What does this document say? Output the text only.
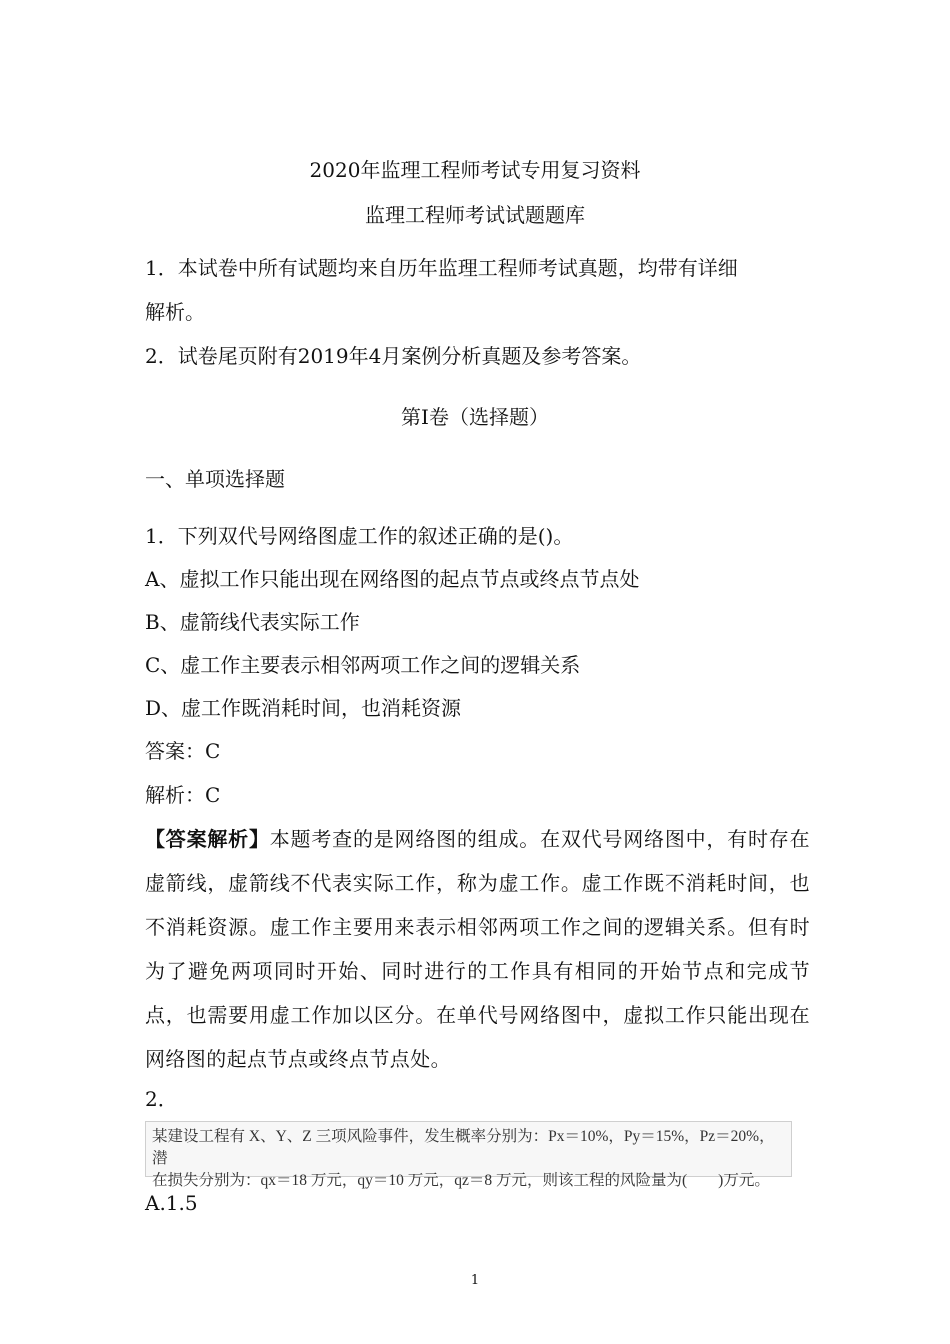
2020年监理工程师考试专用复习资料
监理工程师考试试题题库
1．本试卷中所有试题均来自历年监理工程师考试真题，均带有详细
解析。
2．试卷尾页附有2019年4月案例分析真题及参考答案。
第Ⅰ卷（选择题）
一、单项选择题
1．下列双代号网络图虚工作的叙述正确的是()。
A、虚拟工作只能出现在网络图的起点节点或终点节点处
B、虚箭线代表实际工作
C、虚工作主要表示相邻两项工作之间的逻辑关系
D、虚工作既消耗时间，也消耗资源
答案：C
解析：C
【答案解析】本题考查的是网络图的组成。在双代号网络图中，有时存在虚箭线，虚箭线不代表实际工作，称为虚工作。虚工作既不消耗时间，也不消耗资源。虚工作主要用来表示相邻两项工作之间的逻辑关系。但有时为了避免两项同时开始、同时进行的工作具有相同的开始节点和完成节点，也需要用虚工作加以区分。在单代号网络图中，虚拟工作只能出现在网络图的起点节点或终点节点处。
2．
某建设工程有 X、Y、Z 三项风险事件，发生概率分别为：Px＝10%，Py＝15%，Pz＝20%，潜
在损失分别为：qx＝18 万元，qy＝10 万元，qz＝8 万元，则该工程的风险量为(　　)万元。
A.1.5
1
